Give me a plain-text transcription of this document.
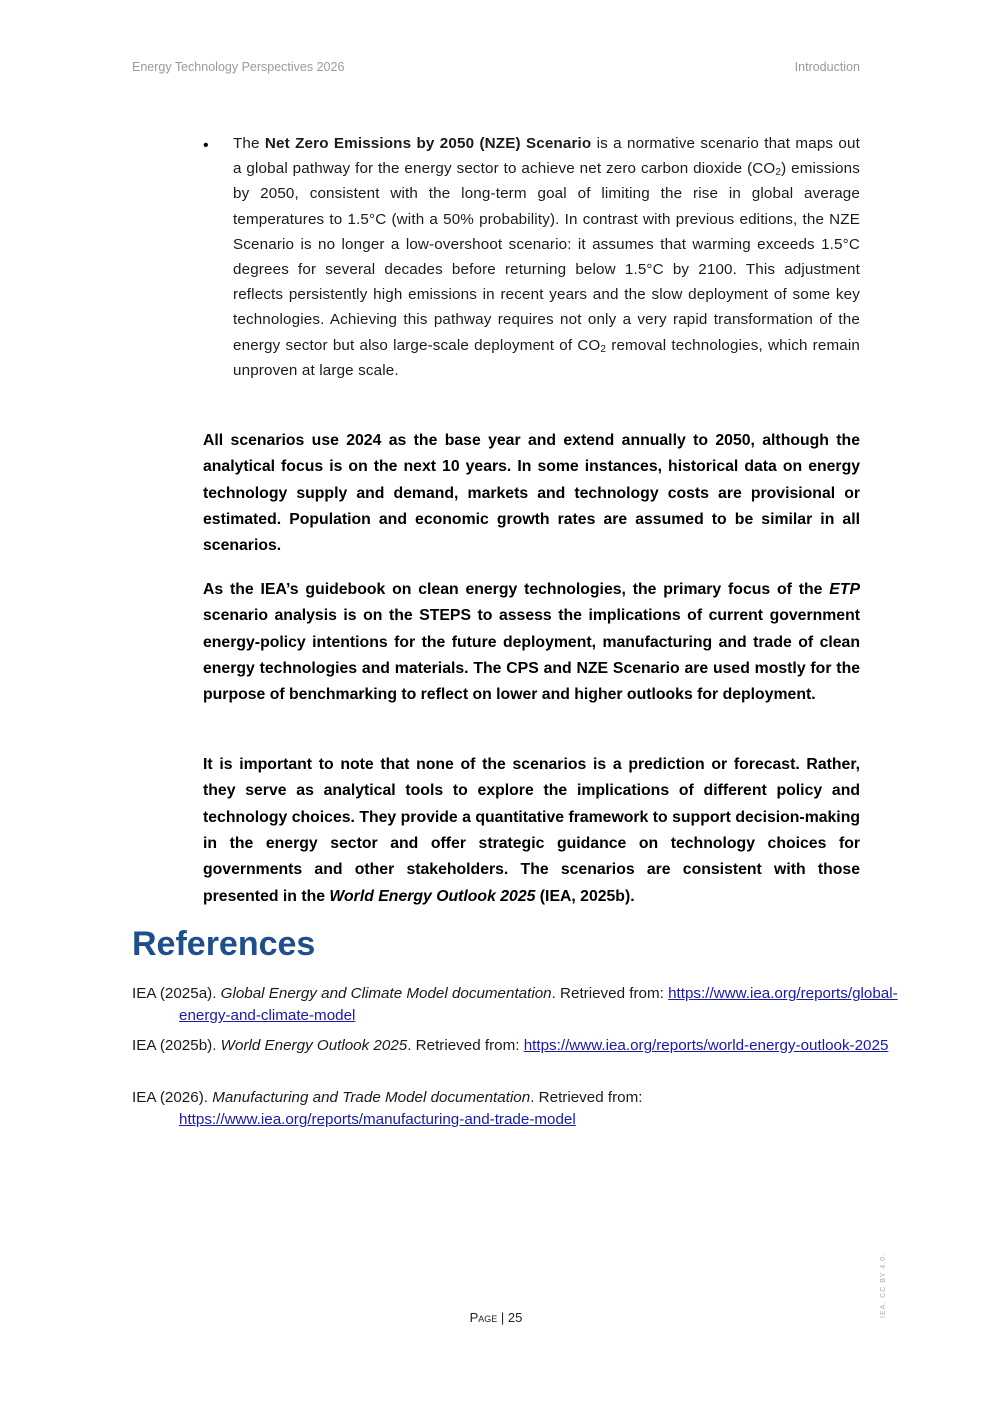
Energy Technology Perspectives 2026	Introduction
• The Net Zero Emissions by 2050 (NZE) Scenario is a normative scenario that maps out a global pathway for the energy sector to achieve net zero carbon dioxide $(CO_2)$ emissions by 2050, consistent with the long-term goal of limiting the rise in global average temperatures to 1.5°C (with a 50% probability). In contrast with previous editions, the NZE Scenario is no longer a low-overshoot scenario: it assumes that warming exceeds 1.5°C degrees for several decades before returning below 1.5°C by 2100. This adjustment reflects persistently high emissions in recent years and the slow deployment of some key technologies. Achieving this pathway requires not only a very rapid transformation of the energy sector but also large-scale deployment of $CO_2$ removal technologies, which remain unproven at large scale.

All scenarios use 2024 as the base year and extend annually to 2050, although the analytical focus is on the next 10 years. In some instances, historical data on energy technology supply and demand, markets and technology costs are provisional or estimated. Population and economic growth rates are assumed to be similar in all scenarios.

As the IEA’s guidebook on clean energy technologies, the primary focus of the ETP scenario analysis is on the STEPS to assess the implications of current government energy-policy intentions for the future deployment, manufacturing and trade of clean energy technologies and materials. The CPS and NZE Scenario are used mostly for the purpose of benchmarking to reflect on lower and higher outlooks for deployment.

It is important to note that none of the scenarios is a prediction or forecast. Rather, they serve as analytical tools to explore the implications of different policy and technology choices. They provide a quantitative framework to support decision-making in the energy sector and offer strategic guidance on technology choices for governments and other stakeholders. The scenarios are consistent with those presented in the World Energy Outlook 2025 (IEA, 2025b).

References
IEA (2025a). Global Energy and Climate Model documentation. Retrieved from: https://www.iea.org/reports/global-energy-and-climate-model
IEA (2025b). World Energy Outlook 2025. Retrieved from: https://www.iea.org/reports/world-energy-outlook-2025
IEA (2026). Manufacturing and Trade Model documentation. Retrieved from: https://www.iea.org/reports/manufacturing-and-trade-model
Page | 25	IEA. CC BY 4.0.
